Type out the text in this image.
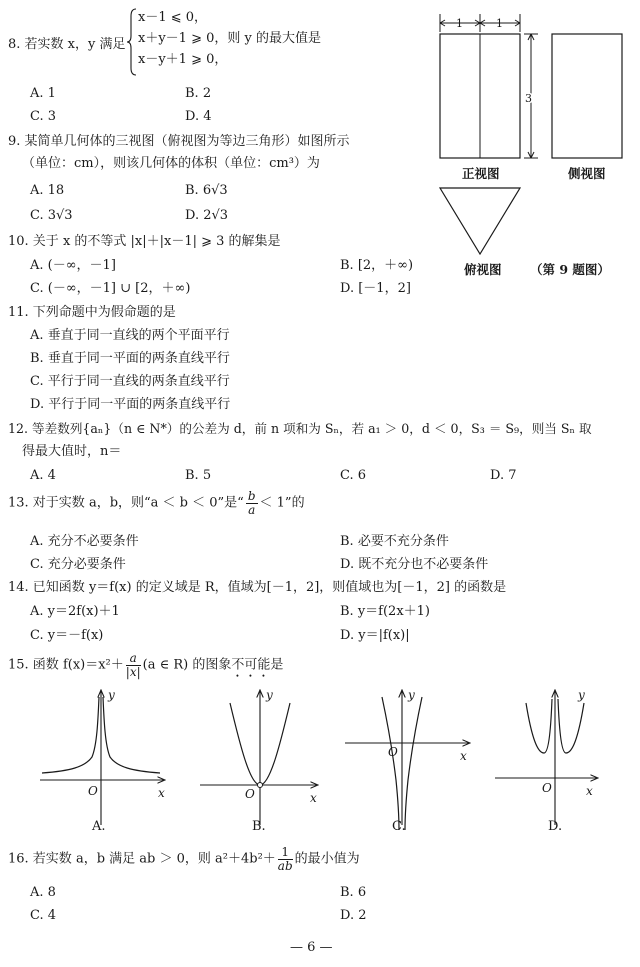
8. 若实数 x，y 满足
x－1 ⩽ 0，
x＋y－1 ⩾ 0，则 y 的最大值是
x－y＋1 ⩾ 0，
A. 1	B. 2
C. 3	D. 4
9. 某简单几何体的三视图（俯视图为等边三角形）如图所示
（单位：cm），则该几何体的体积（单位：cm³）为
A. 18	B. 6√3
C. 3√3	D. 2√3
1	1
3
正视图	侧视图
俯视图 （第 9 题图）
10. 关于 x 的不等式 |x|＋|x－1| ⩾ 3 的解集是
A. (－∞，－1]	B. [2，＋∞)
C. (－∞，－1] ∪ [2，＋∞)	D. [－1，2]
11. 下列命题中为假命题的是
A. 垂直于同一直线的两个平面平行
B. 垂直于同一平面的两条直线平行
C. 平行于同一直线的两条直线平行
D. 平行于同一平面的两条直线平行
12. 等差数列{aₙ}（n ∈ N*）的公差为 d，前 n 项和为 Sₙ，若 a₁ ＞ 0，d ＜ 0，S₃ ＝ S₉，则当 Sₙ 取
得最大值时，n＝
A. 4	B. 5	C. 6	D. 7
13. 对于实数 a，b，则“a ＜ b ＜ 0”是“ $\frac{b}{a} < 1$”的
A. 充分不必要条件	B. 必要不充分条件
C. 充分必要条件	D. 既不充分也不必要条件
14. 已知函数 y＝f(x) 的定义域是 R，值域为[－1，2]，则值域也为[－1，2] 的函数是
A. y＝2f(x)＋1	B. y＝f(2x＋1)
C. y＝－f(x)	D. y＝|f(x)|
15. 函数 $f(x)=x^2+ \frac{a}{|x|} (a$ ∈ R) 的图象不可能是
y
x
O
y
x
O
y
x
O
y
x
O
A.	B.	C.	D.
16. 若实数 a，b 满足 ab ＞ 0，则 $a^2+4b^2+ \frac{1}{ab}$ 的最小值为
A. 8	B. 6
C. 4	D. 2
— 6 —
